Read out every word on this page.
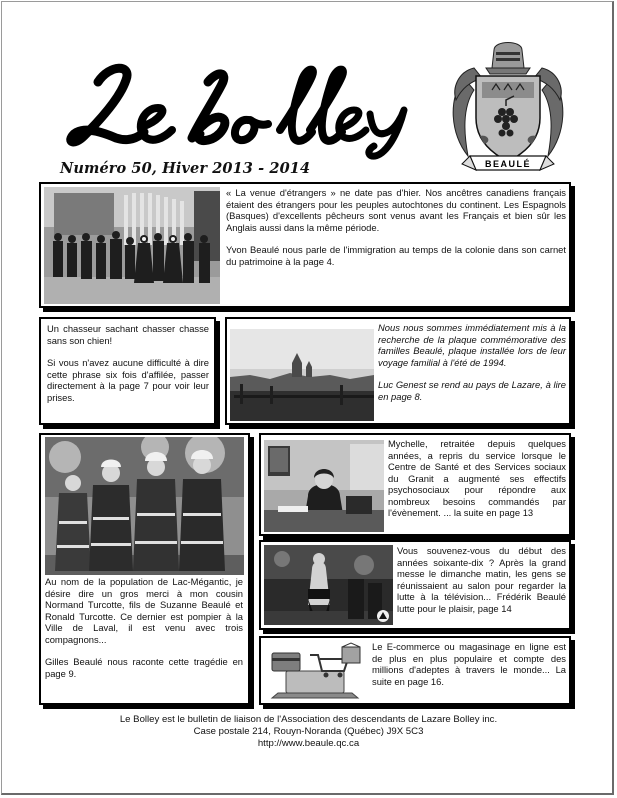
Numéro 50, Hiver 2013 - 2014	BEAULÉ

« La venue d'étrangers » ne date pas d'hier. Nos ancêtres canadiens français étaient des étrangers pour les peuples autochtones du continent. Les Espagnols (Basques) d'excellents pêcheurs sont venus avant les Français et bien sûr les Anglais aussi dans la même période.

Yvon Beaulé nous parle de l'immigration au temps de la colonie dans son carnet du patrimoine à la page 4.

Un chasseur sachant chasser chasse sans son chien!

Si vous n'avez aucune difficulté à dire cette phrase six fois d'affilée, passer directement à la page 7 pour voir leur prises.

Nous nous sommes immédiatement mis à la recherche de la plaque commémorative des familles Beaulé, plaque installée lors de leur voyage familial à l'été de 1994.

Luc Genest se rend au pays de Lazare, à lire en page 8.

Au nom de la population de Lac-Mégantic, je désire dire un gros merci à mon cousin Normand Turcotte, fils de Suzanne Beaulé et Ronald Turcotte. Ce dernier est pompier à la Ville de Laval, il est venu avec trois compagnons...

Gilles Beaulé nous raconte cette tragédie en page 9.

Mychelle, retraitée depuis quelques années, a repris du service lorsque le Centre de Santé et des Services sociaux du Granit a augmenté ses effectifs psychosociaux pour répondre aux nombreux besoins commandés par l'évènement. ... la suite en page 13

Vous souvenez-vous du début des années soixante-dix ? Après la grand messe le dimanche matin, les gens se réunissaient au salon pour regarder la lutte à la télévision... Frédérik Beaulé lutte pour le plaisir, page 14

Le E-commerce ou magasinage en ligne est de plus en plus populaire et compte des millions d'adeptes à travers le monde... La suite en page 16.

Le Bolley est le bulletin de liaison de l'Association des descendants de Lazare Bolley inc.
Case postale 214, Rouyn-Noranda (Québec) J9X 5C3
http://www.beaule.qc.ca
